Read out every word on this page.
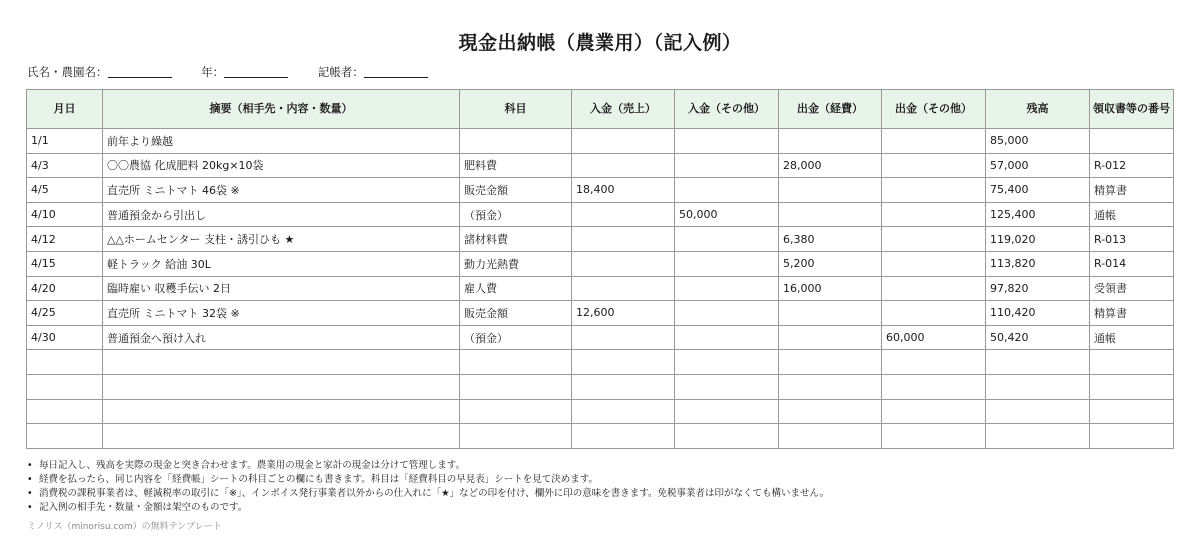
現金出納帳（農業用）（記入例）
氏名・農園名：	年：	記帳者：
月日	摘要（相手先・内容・数量）	科目	入金（売上）	入金（その他）	出金（経費）	出金（その他）	残高	領収書等の番号
1/1	前年より繰越						85,000	
4/3	〇〇農協 化成肥料 20kg×10袋	肥料費			28,000		57,000	R-012
4/5	直売所 ミニトマト 46袋 ※	販売金額	18,400				75,400	精算書
4/10	普通預金から引出し	（預金）		50,000			125,400	通帳
4/12	△△ホームセンター 支柱・誘引ひも ★	諸材料費			6,380		119,020	R-013
4/15	軽トラック 給油 30L	動力光熱費			5,200		113,820	R-014
4/20	臨時雇い 収穫手伝い 2日	雇人費			16,000		97,820	受領書
4/25	直売所 ミニトマト 32袋 ※	販売金額	12,600				110,420	精算書
4/30	普通預金へ預け入れ	（預金）				60,000	50,420	通帳

• 毎日記入し、残高を実際の現金と突き合わせます。農業用の現金と家計の現金は分けて管理します。
• 経費を払ったら、同じ内容を「経費帳」シートの科目ごとの欄にも書きます。科目は「経費科目の早見表」シートを見て決めます。
• 消費税の課税事業者は、軽減税率の取引に「※」、インボイス発行事業者以外からの仕入れに「★」などの印を付け、欄外に印の意味を書きます。免税事業者は印がなくても構いません。
• 記入例の相手先・数量・金額は架空のものです。
ミノリス（minorisu.com）の無料テンプレート
